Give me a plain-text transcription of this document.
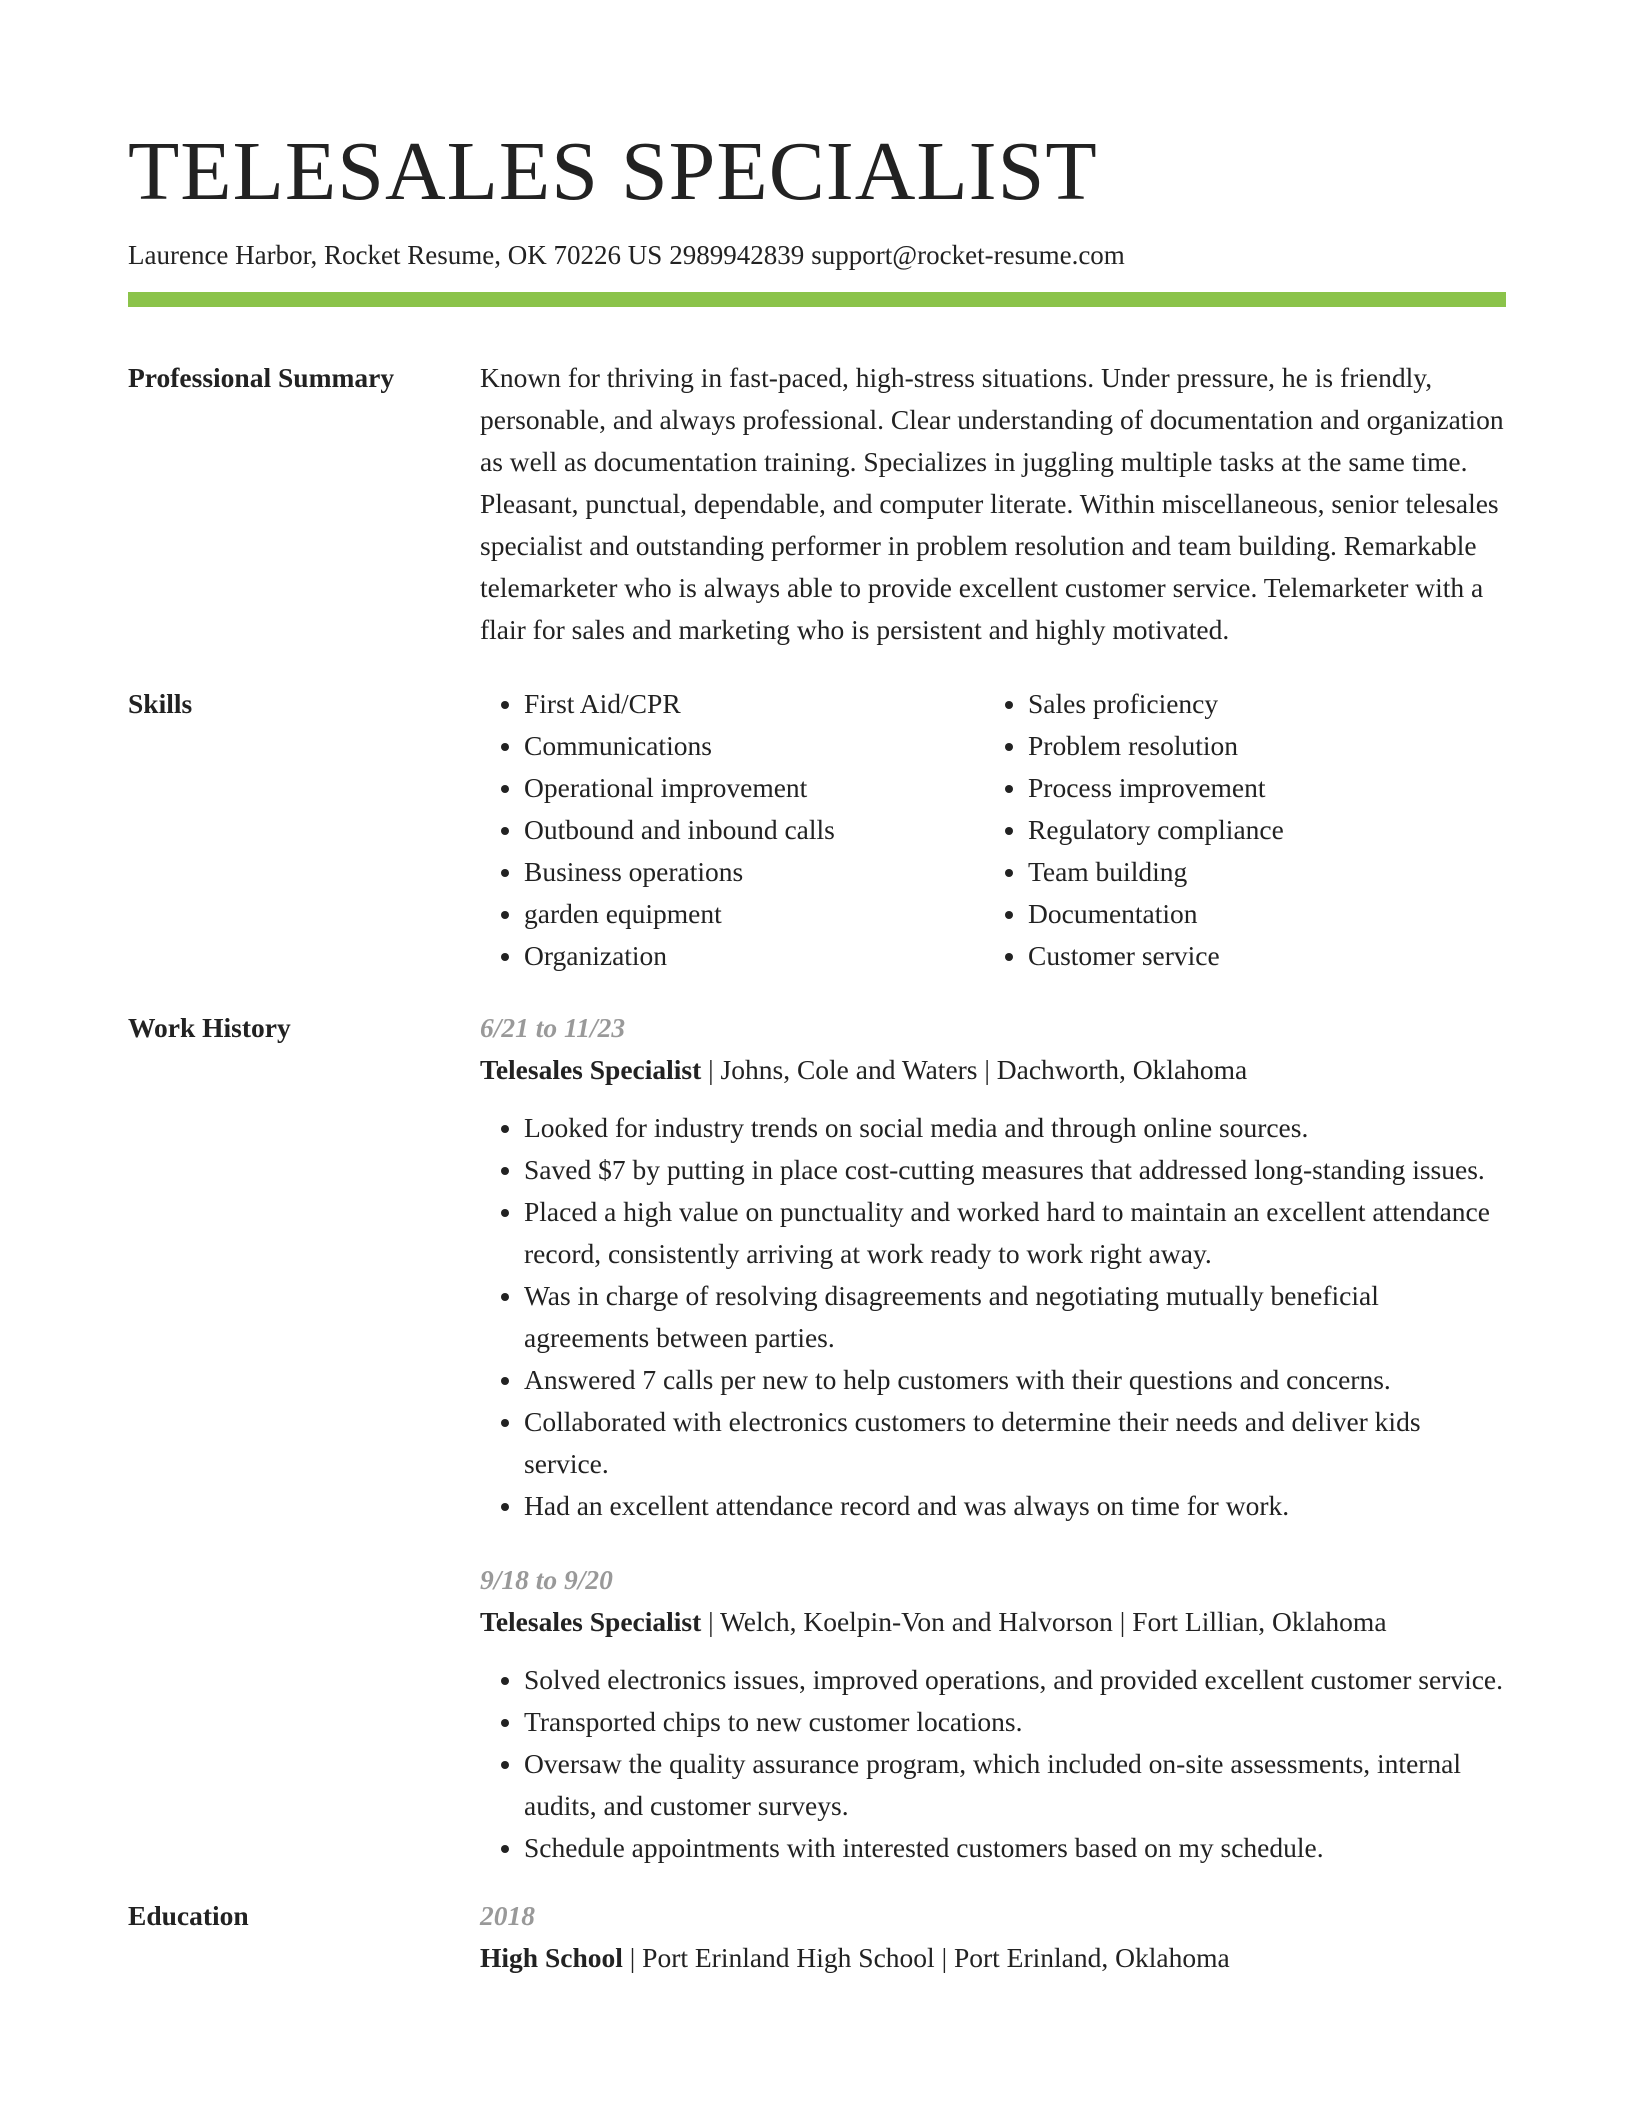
TELESALES SPECIALIST
Laurence Harbor, Rocket Resume, OK 70226 US 2989942839 support@rocket-resume.com
Professional Summary	Known for thriving in fast-paced, high-stress situations. Under pressure, he is friendly, personable, and always professional. Clear understanding of documentation and organization as well as documentation training. Specializes in juggling multiple tasks at the same time. Pleasant, punctual, dependable, and computer literate. Within miscellaneous, senior telesales specialist and outstanding performer in problem resolution and team building. Remarkable telemarketer who is always able to provide excellent customer service. Telemarketer with a flair for sales and marketing who is persistent and highly motivated.

Skills
•	First Aid/CPR
• Communications
• Operational improvement
• Outbound and inbound calls
• Business operations
• garden equipment
• Organization
• Sales proficiency
• Problem resolution
• Process improvement
• Regulatory compliance
• Team building
• Documentation
• Customer service
Work History	6/21 to 11/23
Telesales Specialist | Johns, Cole and Waters | Dachworth, Oklahoma
• Looked for industry trends on social media and through online sources.
• Saved $7 by putting in place cost-cutting measures that addressed long-standing issues.
• Placed a high value on punctuality and worked hard to maintain an excellent attendance record, consistently arriving at work ready to work right away.
• Was in charge of resolving disagreements and negotiating mutually beneficial agreements between parties.
• Answered 7 calls per new to help customers with their questions and concerns.
• Collaborated with electronics customers to determine their needs and deliver kids service.
• Had an excellent attendance record and was always on time for work.
9/18 to 9/20
Telesales Specialist | Welch, Koelpin-Von and Halvorson | Fort Lillian, Oklahoma
• Solved electronics issues, improved operations, and provided excellent customer service.
• Transported chips to new customer locations.
• Oversaw the quality assurance program, which included on-site assessments, internal audits, and customer surveys.
• Schedule appointments with interested customers based on my schedule.
Education	2018
High School | Port Erinland High School | Port Erinland, Oklahoma
